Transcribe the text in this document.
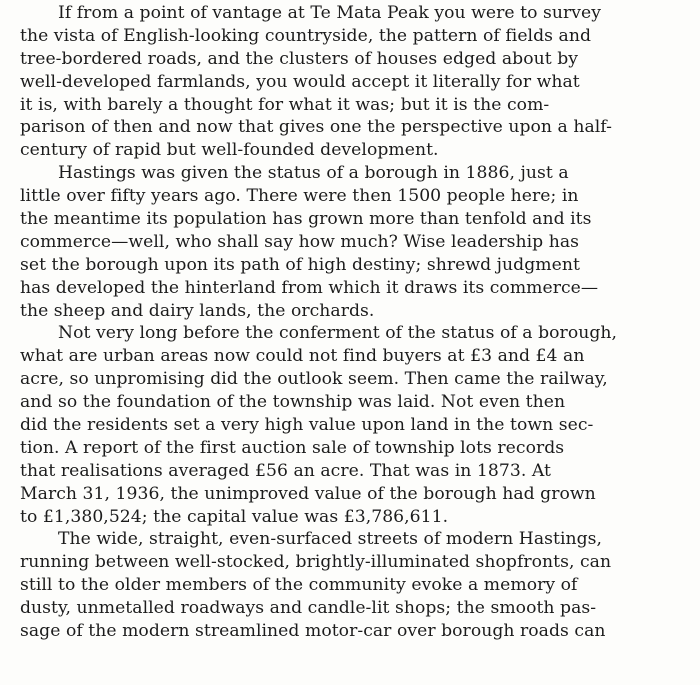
If from a point of vantage at Te Mata Peak you were to survey
the vista of English-looking countryside, the pattern of fields and
tree-bordered roads, and the clusters of houses edged about by
well-developed farmlands, you would accept it literally for what
it is, with barely a thought for what it was; but it is the com-
parison of then and now that gives one the perspective upon a half-
century of rapid but well-founded development.

Hastings was given the status of a borough in 1886, just a
little over fifty years ago. There were then 1500 people here; in
the meantime its population has grown more than tenfold and its
commerce—well, who shall say how much? Wise leadership has
set the borough upon its path of high destiny; shrewd judgment
has developed the hinterland from which it draws its commerce—
the sheep and dairy lands, the orchards.

Not very long before the conferment of the status of a borough,
what are urban areas now could not find buyers at £3 and £4 an
acre, so unpromising did the outlook seem. Then came the railway,
and so the foundation of the township was laid. Not even then
did the residents set a very high value upon land in the town sec-
tion. A report of the first auction sale of township lots records
that realisations averaged £56 an acre. That was in 1873. At
March 31, 1936, the unimproved value of the borough had grown
to £1,380,524; the capital value was £3,786,611.

The wide, straight, even-surfaced streets of modern Hastings,
running between well-stocked, brightly-illuminated shopfronts, can
still to the older members of the community evoke a memory of
dusty, unmetalled roadways and candle-lit shops; the smooth pas-
sage of the modern streamlined motor-car over borough roads can
